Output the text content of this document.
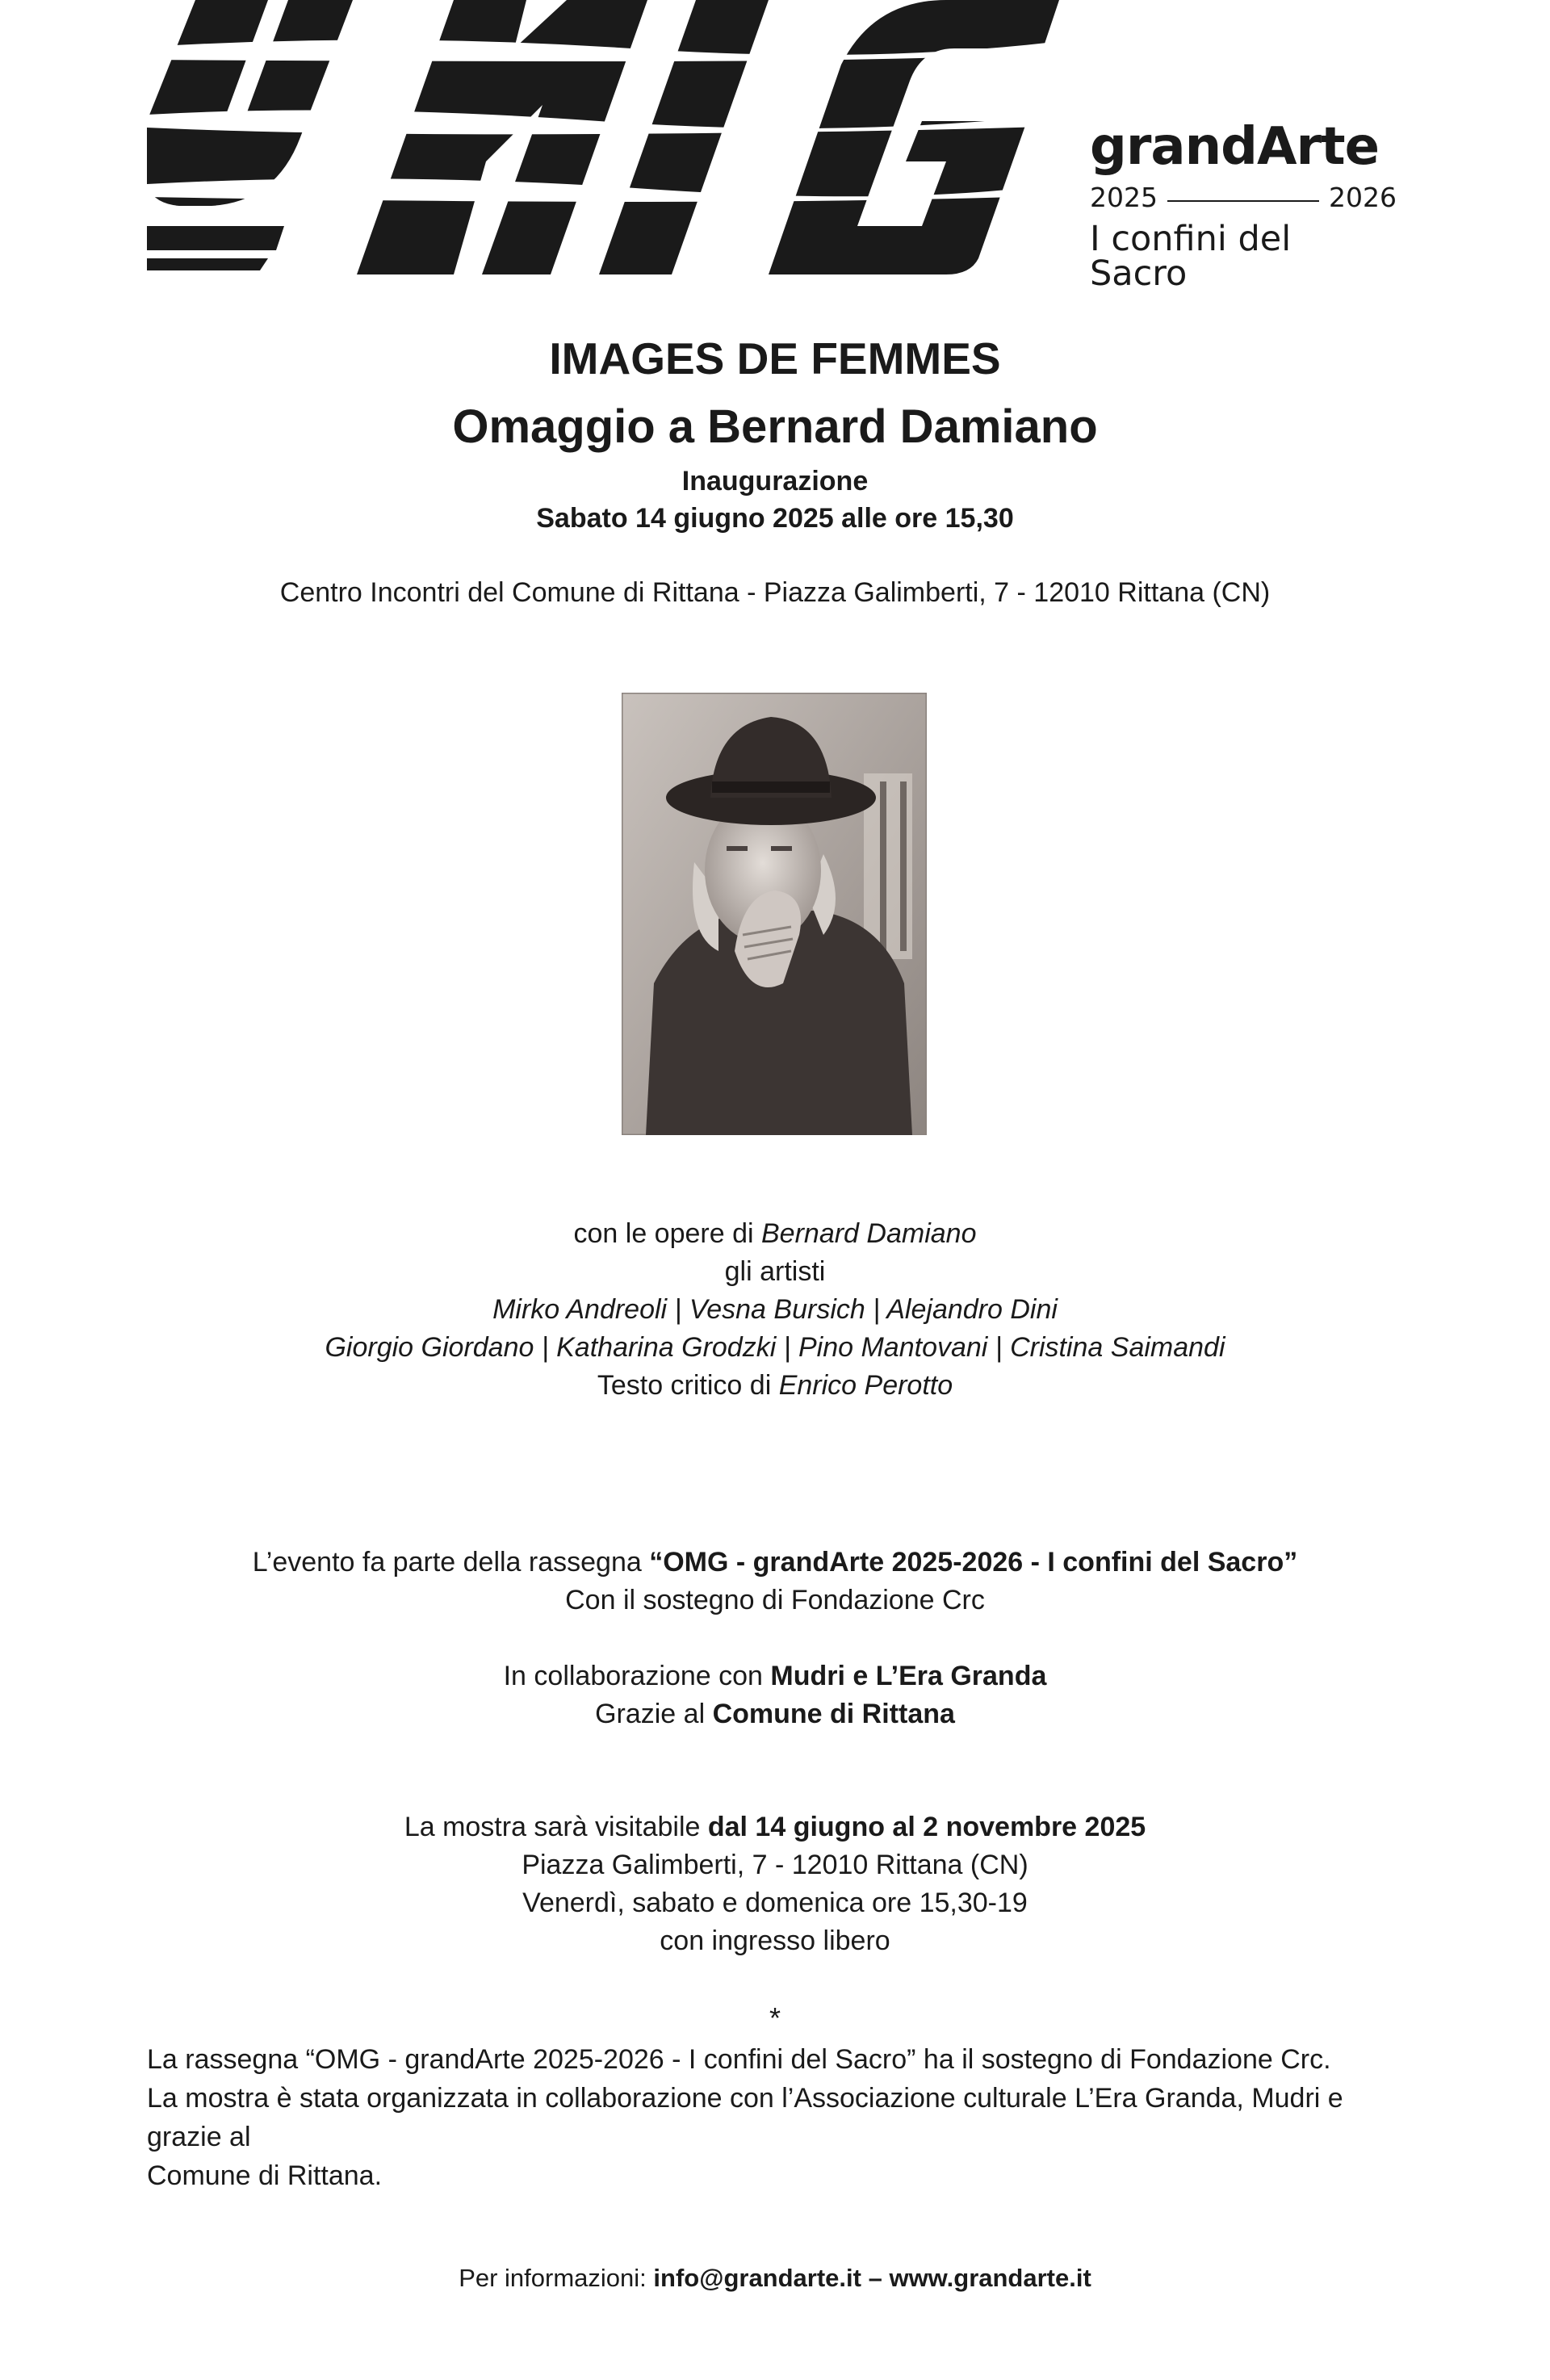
grandArte
2025	2026
I confini del Sacro
IMAGES DE FEMMES
Omaggio a Bernard Damiano
Inaugurazione
Sabato 14 giugno 2025 alle ore 15,30
Centro Incontri del Comune di Rittana - Piazza Galimberti, 7 - 12010 Rittana (CN)
con le opere di Bernard Damiano
gli artisti
Mirko Andreoli | Vesna Bursich | Alejandro Dini
Giorgio Giordano | Katharina Grodzki | Pino Mantovani | Cristina Saimandi
Testo critico di Enrico Perotto
L’evento fa parte della rassegna “OMG - grandArte 2025-2026 - I confini del Sacro”
Con il sostegno di Fondazione Crc
In collaborazione con Mudri e L’Era Granda
Grazie al Comune di Rittana
La mostra sarà visitabile dal 14 giugno al 2 novembre 2025
Piazza Galimberti, 7 - 12010 Rittana (CN)
Venerdì, sabato e domenica ore 15,30-19
con ingresso libero
*
La rassegna “OMG - grandArte 2025-2026 - I confini del Sacro” ha il sostegno di Fondazione Crc.
La mostra è stata organizzata in collaborazione con l’Associazione culturale L’Era Granda, Mudri e grazie al
Comune di Rittana.
Per informazioni: info@grandarte.it – www.grandarte.it
